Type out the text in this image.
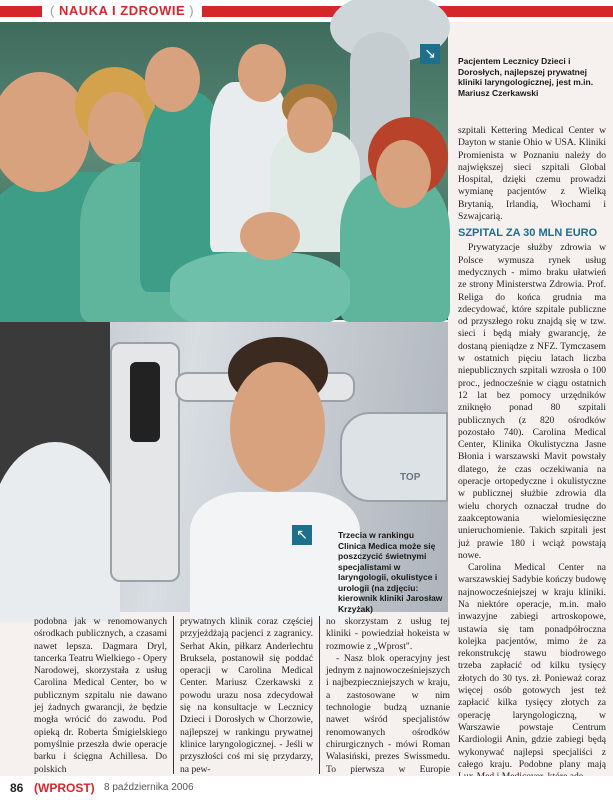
( NAUKA I ZDROWIE )
↘	Pacjentem Lecznicy Dzieci i Dorosłych, najlepszej prywatnej kliniki laryngologicznej, jest m.in. Mariusz Czerkawski
TOP
↖	Trzecia w rankingu Clinica Medica może się poszczycić świetnymi specjalistami w laryngologii, okulistyce i urologii (na zdjęciu: kierownik kliniki Jarosław Krzyżak)

szpitali Kettering Medical Center w Dayton w stanie Ohio w USA. Kliniki Promienista w Poznaniu należy do największej sieci szpitali Global Hospital, dzięki czemu prowadzi wymianę pacjentów z Wielką Brytanią, Irlandią, Włochami i Szwajcarią.

SZPITAL ZA 30 MLN EURO

Prywatyzacje służby zdrowia w Polsce wymusza rynek usług medycznych - mimo braku ułatwień ze strony Ministerstwa Zdrowia. Prof. Religa do końca grudnia ma zdecydować, które szpitale publiczne od przyszłego roku znajdą się w tzw. sieci i będą miały gwarancję, że dostaną pieniądze z NFZ. Tymczasem w ostatnich pięciu latach liczba niepublicznych szpitali wzrosła o 100 proc., jednocześnie w ciągu ostatnich 12 lat bez pomocy urzędników zniknęło ponad 80 szpitali publicznych (z 820 ośrodków pozostało 740). Carolina Medical Center, Klinika Okulistyczna Jasne Błonia i warszawski Mavit powstały dlatego, że czas oczekiwania na operacje ortopedyczne i okulistyczne w publicznej służbie zdrowia dla wielu chorych oznaczał trudne do zaakceptowania wielomiesięczne unieruchomienie. Takich szpitali jest już prawie 180 i wciąż powstają nowe.

Carolina Medical Center na warszawskiej Sadybie kończy budowę najnowocześniejszej w kraju kliniki. Na niektóre operacje, m.in. mało inwazyjne zabiegi artroskopowe, ustawia się tam ponadpółroczna kolejka pacjentów, mimo że za rekonstrukcję stawu biodrowego trzeba zapłacić od kilku tysięcy złotych do 30 tys. zł. Ponieważ coraz więcej osób gotowych jest też zapłacić kilka tysięcy złotych za operację laryngologiczną, w Warszawie powstaje Centrum Kardiologii Anin, gdzie zabiegi będą wykonywać najlepsi specjaliści z całego kraju. Podobne plany mają

podobna jak w renomowanych ośrodkach publicznych, a czasami nawet lepsza. Dagmara Dryl, tancerka Teatru Wielkiego - Opery Narodowej, skorzystała z usług Carolina Medical Center, bo w publicznym szpitalu nie dawano jej żadnych gwarancji, że będzie mogła wrócić do zawodu. Pod opieką dr. Roberta Śmigielskiego pomyślnie przeszła dwie operacje barku i ścięgna Achillesa. Do polskich

prywatnych klinik coraz częściej przyjeżdżają pacjenci z zagranicy. Serhat Akin, piłkarz Anderlechtu Bruksela, postanowił się poddać operacji w Carolina Medical Center. Mariusz Czerkawski z powodu urazu nosa zdecydował się na konsultacje w Lecznicy Dzieci i Dorosłych w Chorzowie, najlepszej w rankingu prywatnej klinice laryngologicznej. - Jeśli w przyszłości coś mi się przydarzy, na pew-

no skorzystam z usług tej kliniki - powiedział hokeista w rozmowie z „Wprost".

- Nasz blok operacyjny jest jednym z najnowocześniejszych i najbezpieczniejszych w kraju, a zastosowane w nim technologie budzą uznanie nawet wśród specjalistów renomowanych ośrodków chirurgicznych - mówi Roman Walasiński, prezes Swissmedu. To pierwsza w Europie

86 (WPROST) 8 października 2006
